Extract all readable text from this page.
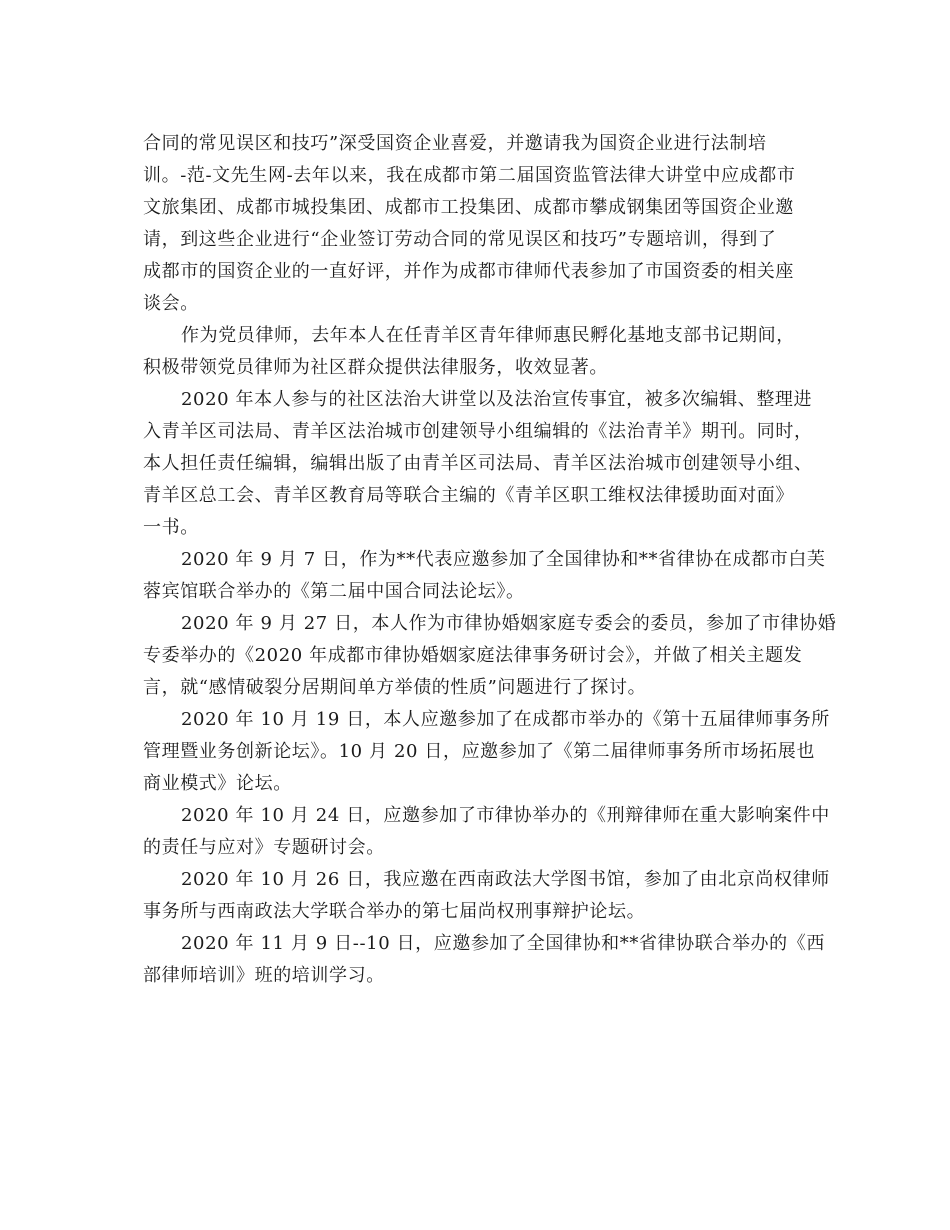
合同的常见误区和技巧”深受国资企业喜爱，并邀请我为国资企业进行法制培
训。-范-文先生网-去年以来，我在成都市第二届国资监管法律大讲堂中应成都市
文旅集团、成都市城投集团、成都市工投集团、成都市攀成钢集团等国资企业邀
请，到这些企业进行“企业签订劳动合同的常见误区和技巧”专题培训，得到了
成都市的国资企业的一直好评，并作为成都市律师代表参加了市国资委的相关座
谈会。
作为党员律师，去年本人在任青羊区青年律师惠民孵化基地支部书记期间，
积极带领党员律师为社区群众提供法律服务，收效显著。
2020 年本人参与的社区法治大讲堂以及法治宣传事宜，被多次编辑、整理进
入青羊区司法局、青羊区法治城市创建领导小组编辑的《法治青羊》期刊。同时，
本人担任责任编辑，编辑出版了由青羊区司法局、青羊区法治城市创建领导小组、
青羊区总工会、青羊区教育局等联合主编的《青羊区职工维权法律援助面对面》
一书。
2020 年 9 月 7 日，作为**代表应邀参加了全国律协和**省律协在成都市白芙
蓉宾馆联合举办的《第二届中国合同法论坛》。
2020 年 9 月 27 日，本人作为市律协婚姻家庭专委会的委员，参加了市律协婚
专委举办的《2020 年成都市律协婚姻家庭法律事务研讨会》，并做了相关主题发
言，就“感情破裂分居期间单方举债的性质”问题进行了探讨。
2020 年 10 月 19 日，本人应邀参加了在成都市举办的《第十五届律师事务所
管理暨业务创新论坛》。10 月 20 日，应邀参加了《第二届律师事务所市场拓展也
商业模式》论坛。
2020 年 10 月 24 日，应邀参加了市律协举办的《刑辩律师在重大影响案件中
的责任与应对》专题研讨会。
2020 年 10 月 26 日，我应邀在西南政法大学图书馆，参加了由北京尚权律师
事务所与西南政法大学联合举办的第七届尚权刑事辩护论坛。
2020 年 11 月 9 日--10 日，应邀参加了全国律协和**省律协联合举办的《西
部律师培训》班的培训学习。
